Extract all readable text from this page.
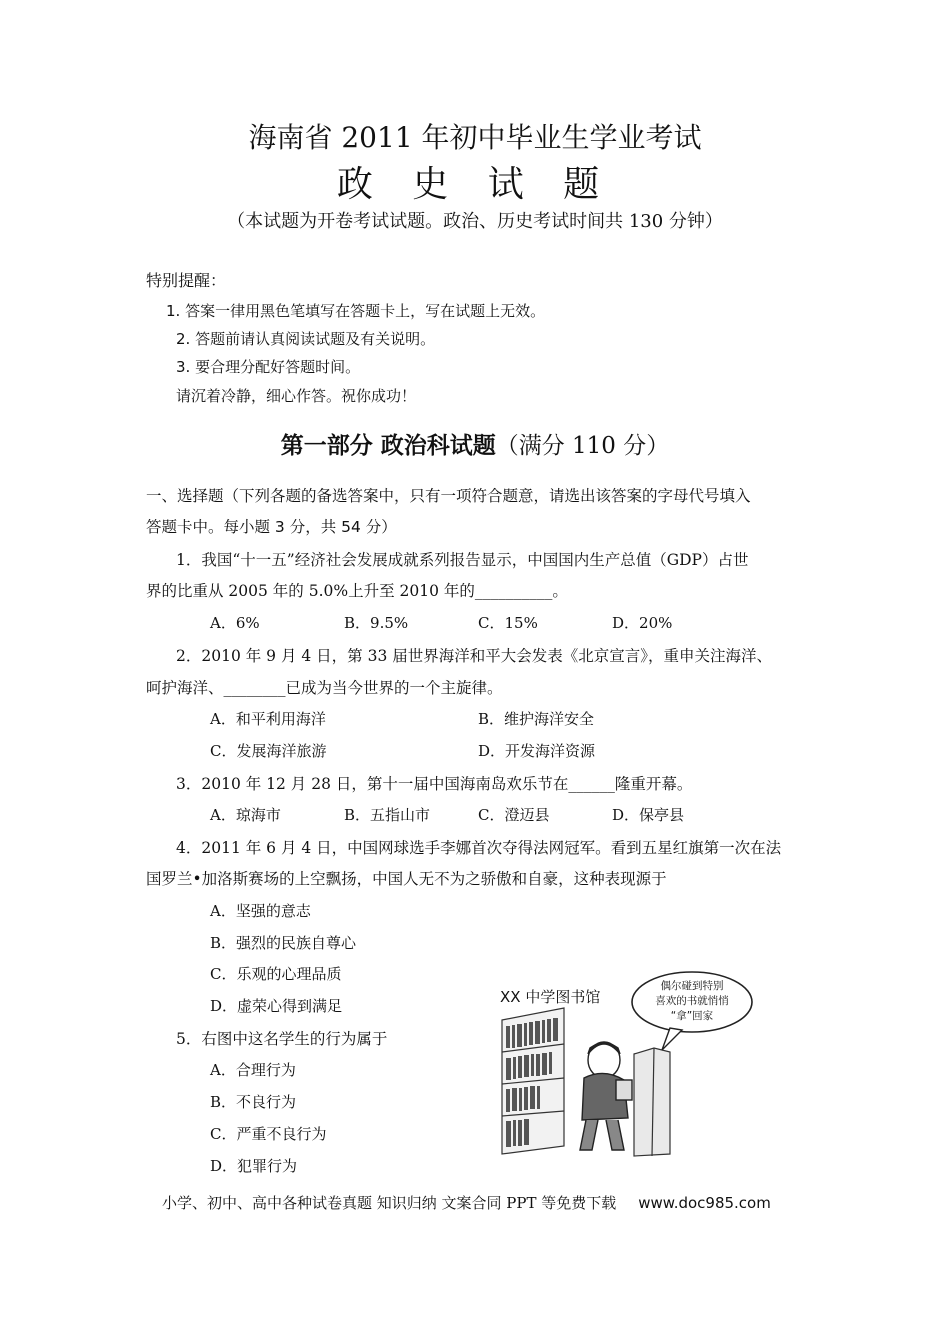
海南省 2011 年初中毕业生学业考试
政 史 试 题
（本试题为开卷考试试题。政治、历史考试时间共 130 分钟）
特别提醒：
1. 答案一律用黑色笔填写在答题卡上，写在试题上无效。
2. 答题前请认真阅读试题及有关说明。
3. 要合理分配好答题时间。
请沉着冷静，细心作答。祝你成功！
第一部分 政治科试题（满分 110 分）
一、选择题（下列各题的备选答案中，只有一项符合题意，请选出该答案的字母代号填入
答题卡中。每小题 3 分，共 54 分）
1．我国“十一五”经济社会发展成就系列报告显示，中国国内生产总值（GDP）占世
界的比重从 2005 年的 5.0%上升至 2010 年的__________。
A．6%	B．9.5%	C．15%	D．20%
2．2010 年 9 月 4 日，第 33 届世界海洋和平大会发表《北京宣言》，重申关注海洋、
呵护海洋、________已成为当今世界的一个主旋律。
A．和平利用海洋	B．维护海洋安全
C．发展海洋旅游	D．开发海洋资源
3．2010 年 12 月 28 日，第十一届中国海南岛欢乐节在______隆重开幕。
A．琼海市	B．五指山市	C．澄迈县	D．保亭县
4．2011 年 6 月 4 日，中国网球选手李娜首次夺得法网冠军。看到五星红旗第一次在法
国罗兰•加洛斯赛场的上空飘扬，中国人无不为之骄傲和自豪，这种表现源于
A．坚强的意志
B．强烈的民族自尊心
C．乐观的心理品质
D．虚荣心得到满足
5．右图中这名学生的行为属于
A．合理行为
B．不良行为
C．严重不良行为
D．犯罪行为
偶尔碰到特别
喜欢的书就悄悄
“拿”回家
XX 中学图书馆
小学、初中、高中各种试卷真题 知识归纳 文案合同 PPT 等免费下载 www.doc985.com
